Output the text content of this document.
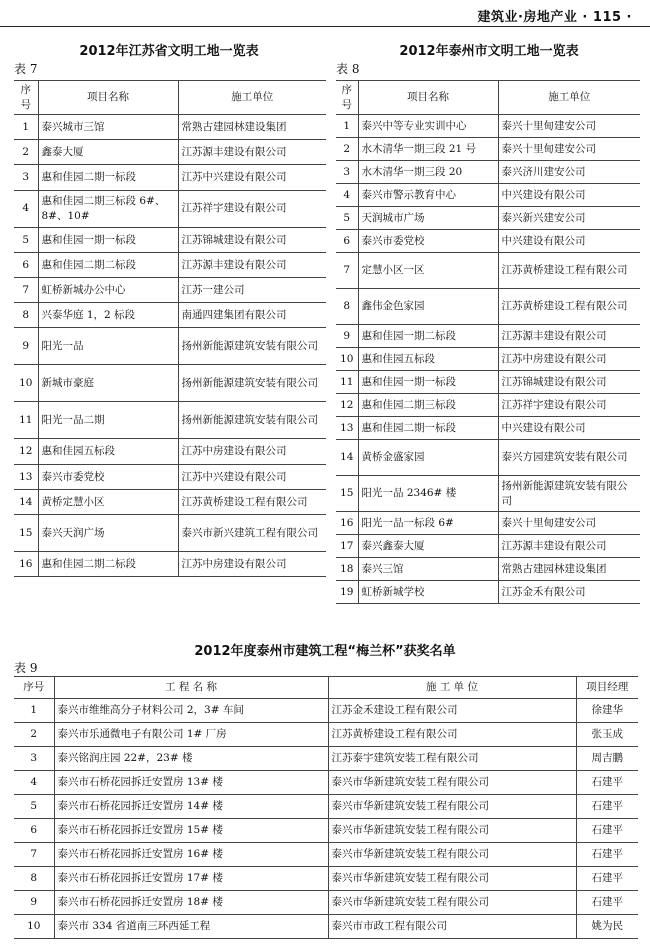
建筑业·房地产业 · 115 ·
2012年江苏省文明工地一览表
表 7
序号	项目名称	施工单位
1	泰兴城市三馆	常熟古建园林建设集团
2	鑫泰大厦	江苏源丰建设有限公司
3	惠和佳园二期一标段	江苏中兴建设有限公司
4	惠和佳园二期三标段 6#、8#、10#	江苏祥宇建设有限公司
5	惠和佳园一期一标段	江苏锦城建设有限公司
6	惠和佳园二期二标段	江苏源丰建设有限公司
7	虹桥新城办公中心	江苏一建公司
8	兴泰华庭 1，2 标段	南通四建集团有限公司
9	阳光一品	扬州新能源建筑安装有限公司
10	新城市豪庭	扬州新能源建筑安装有限公司
11	阳光一品二期	扬州新能源建筑安装有限公司
12	惠和佳园五标段	江苏中房建设有限公司
13	泰兴市委党校	江苏中兴建设有限公司
14	黄桥定慧小区	江苏黄桥建设工程有限公司
15	泰兴天润广场	泰兴市新兴建筑工程有限公司
16	惠和佳园二期二标段	江苏中房建设有限公司
2012年泰州市文明工地一览表
表 8
序号	项目名称	施工单位
1	泰兴中等专业实训中心	泰兴十里甸建安公司
2	水木清华一期三段 21 号	泰兴十里甸建安公司
3	水木清华一期三段 20	泰兴济川建安公司
4	泰兴市警示教育中心	中兴建设有限公司
5	天润城市广场	泰兴新兴建安公司
6	泰兴市委党校	中兴建设有限公司
7	定慧小区一区	江苏黄桥建设工程有限公司
8	鑫伟金色家园	江苏黄桥建设工程有限公司
9	惠和佳园一期二标段	江苏源丰建设有限公司
10	惠和佳园五标段	江苏中房建设有限公司
11	惠和佳园一期一标段	江苏锦城建设有限公司
12	惠和佳园二期三标段	江苏祥宇建设有限公司
13	惠和佳园二期一标段	中兴建设有限公司
14	黄桥金盛家园	泰兴方园建筑安装有限公司
15	阳光一品 2346# 楼	扬州新能源建筑安装有限公司
16	阳光一品一标段 6#	泰兴十里甸建安公司
17	泰兴鑫泰大厦	江苏源丰建设有限公司
18	泰兴三馆	常熟古建园林建设集团
19	虹桥新城学校	江苏金禾有限公司
2012年度泰州市建筑工程“梅兰杯”获奖名单
表 9
序号	工 程 名 称	施 工 单 位	项目经理
1	泰兴市维维高分子材料公司 2，3# 车间	江苏金禾建设工程有限公司	徐建华
2	泰兴市乐通微电子有限公司 1# 厂房	江苏黄桥建设工程有限公司	张玉成
3	泰兴铭润庄园 22#，23# 楼	江苏泰宇建筑安装工程有限公司	周吉鹏
4	泰兴市石桥花园拆迁安置房 13# 楼	泰兴市华新建筑安装工程有限公司	石建平
5	泰兴市石桥花园拆迁安置房 14# 楼	泰兴市华新建筑安装工程有限公司	石建平
6	泰兴市石桥花园拆迁安置房 15# 楼	泰兴市华新建筑安装工程有限公司	石建平
7	泰兴市石桥花园拆迁安置房 16# 楼	泰兴市华新建筑安装工程有限公司	石建平
8	泰兴市石桥花园拆迁安置房 17# 楼	泰兴市华新建筑安装工程有限公司	石建平
9	泰兴市石桥花园拆迁安置房 18# 楼	泰兴市华新建筑安装工程有限公司	石建平
10	泰兴市 334 省道南三环西延工程	泰兴市市政工程有限公司	姚为民
